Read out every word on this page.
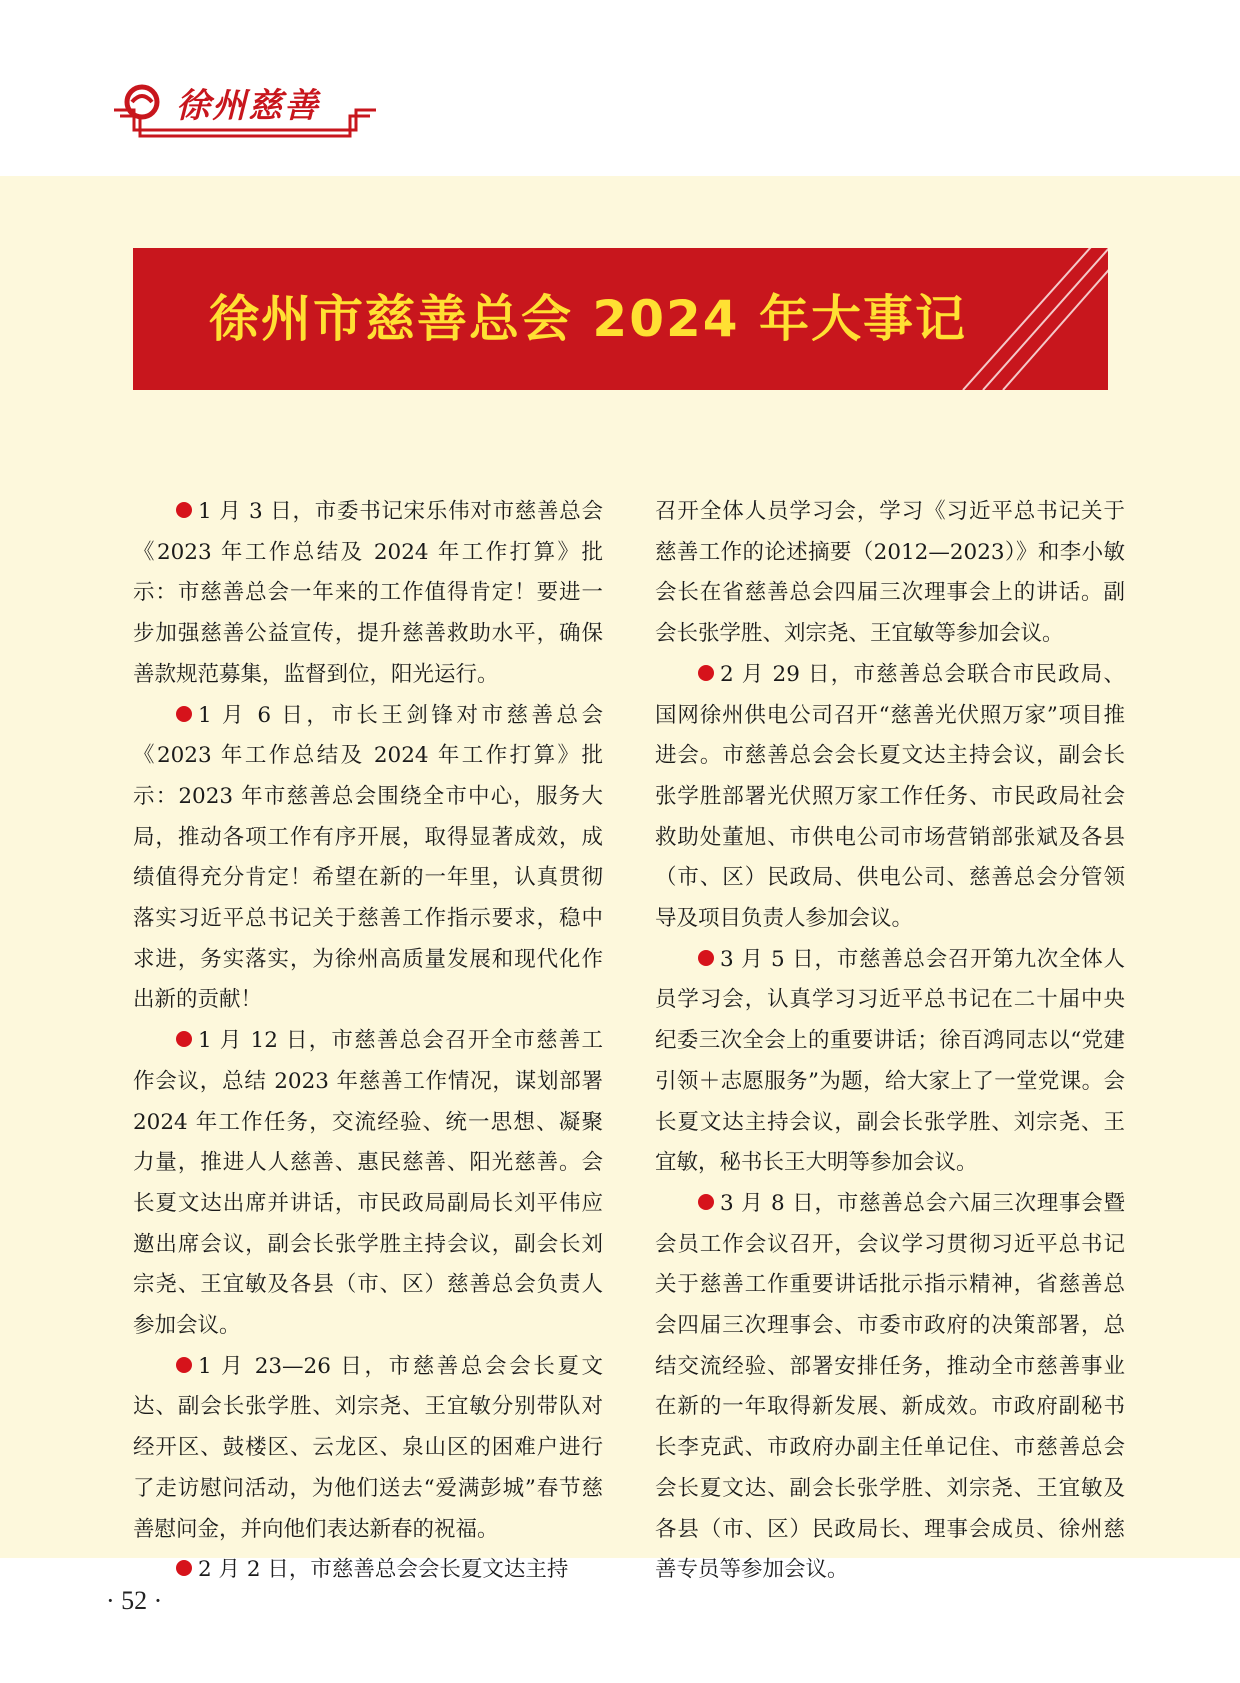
徐州慈善
徐州市慈善总会 2024 年大事记

1 月 3 日，市委书记宋乐伟对市慈善总会《2023 年工作总结及 2024 年工作打算》批示：市慈善总会一年来的工作值得肯定！要进一步加强慈善公益宣传，提升慈善救助水平，确保善款规范募集，监督到位，阳光运行。

1 月 6 日，市长王剑锋对市慈善总会《2023 年工作总结及 2024 年工作打算》批示：2023 年市慈善总会围绕全市中心，服务大局，推动各项工作有序开展，取得显著成效，成绩值得充分肯定！希望在新的一年里，认真贯彻落实习近平总书记关于慈善工作指示要求，稳中求进，务实落实，为徐州高质量发展和现代化作出新的贡献！

1 月 12 日，市慈善总会召开全市慈善工作会议，总结 2023 年慈善工作情况，谋划部署 2024 年工作任务，交流经验、统一思想、凝聚力量，推进人人慈善、惠民慈善、阳光慈善。会长夏文达出席并讲话，市民政局副局长刘平伟应邀出席会议，副会长张学胜主持会议，副会长刘宗尧、王宜敏及各县（市、区）慈善总会负责人参加会议。

1 月 23—26 日，市慈善总会会长夏文达、副会长张学胜、刘宗尧、王宜敏分别带队对经开区、鼓楼区、云龙区、泉山区的困难户进行了走访慰问活动，为他们送去“爱满彭城”春节慈善慰问金，并向他们表达新春的祝福。

2 月 2 日，市慈善总会会长夏文达主持

召开全体人员学习会，学习《习近平总书记关于慈善工作的论述摘要（2012—2023）》和李小敏会长在省慈善总会四届三次理事会上的讲话。副会长张学胜、刘宗尧、王宜敏等参加会议。

2 月 29 日，市慈善总会联合市民政局、国网徐州供电公司召开“慈善光伏照万家”项目推进会。市慈善总会会长夏文达主持会议，副会长张学胜部署光伏照万家工作任务、市民政局社会救助处董旭、市供电公司市场营销部张斌及各县（市、区）民政局、供电公司、慈善总会分管领导及项目负责人参加会议。

3 月 5 日，市慈善总会召开第九次全体人员学习会，认真学习习近平总书记在二十届中央纪委三次全会上的重要讲话；徐百鸿同志以“党建引领＋志愿服务”为题，给大家上了一堂党课。会长夏文达主持会议，副会长张学胜、刘宗尧、王宜敏，秘书长王大明等参加会议。

3 月 8 日，市慈善总会六届三次理事会暨会员工作会议召开，会议学习贯彻习近平总书记关于慈善工作重要讲话批示指示精神，省慈善总会四届三次理事会、市委市政府的决策部署，总结交流经验、部署安排任务，推动全市慈善事业在新的一年取得新发展、新成效。市政府副秘书长李克武、市政府办副主任单记住、市慈善总会会长夏文达、副会长张学胜、刘宗尧、王宜敏及各县（市、区）民政局长、理事会成员、徐州慈善专员等参加会议。

· 52 ·
